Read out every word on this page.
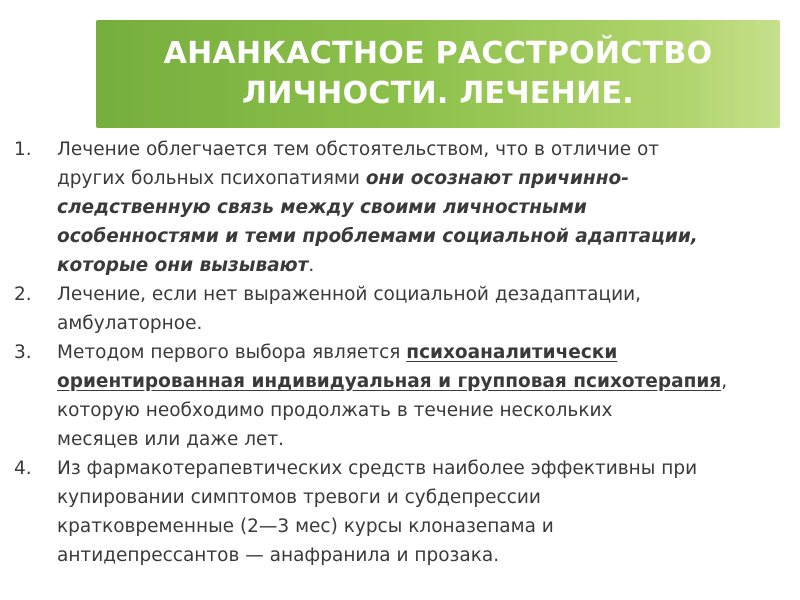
АНАНКАСТНОЕ РАССТРОЙСТВО
ЛИЧНОСТИ. ЛЕЧЕНИЕ.
1. Лечение облегчается тем обстоятельством, что в отличие от
других больных психопатиями они осознают причинно-
следственную связь между своими личностными
особенностями и теми проблемами социальной адаптации,
которые они вызывают.
2. Лечение, если нет выраженной социальной дезадаптации,
амбулаторное.
3. Методом первого выбора является психоаналитически
ориентированная индивидуальная и групповая психотерапия,
которую необходимо продолжать в течение нескольких
месяцев или даже лет.
4. Из фармакотерапевтических средств наиболее эффективны при
купировании симптомов тревоги и субдепрессии
кратковременные (2—3 мес) курсы клоназепама и
антидепрессантов — анафранила и прозака.
